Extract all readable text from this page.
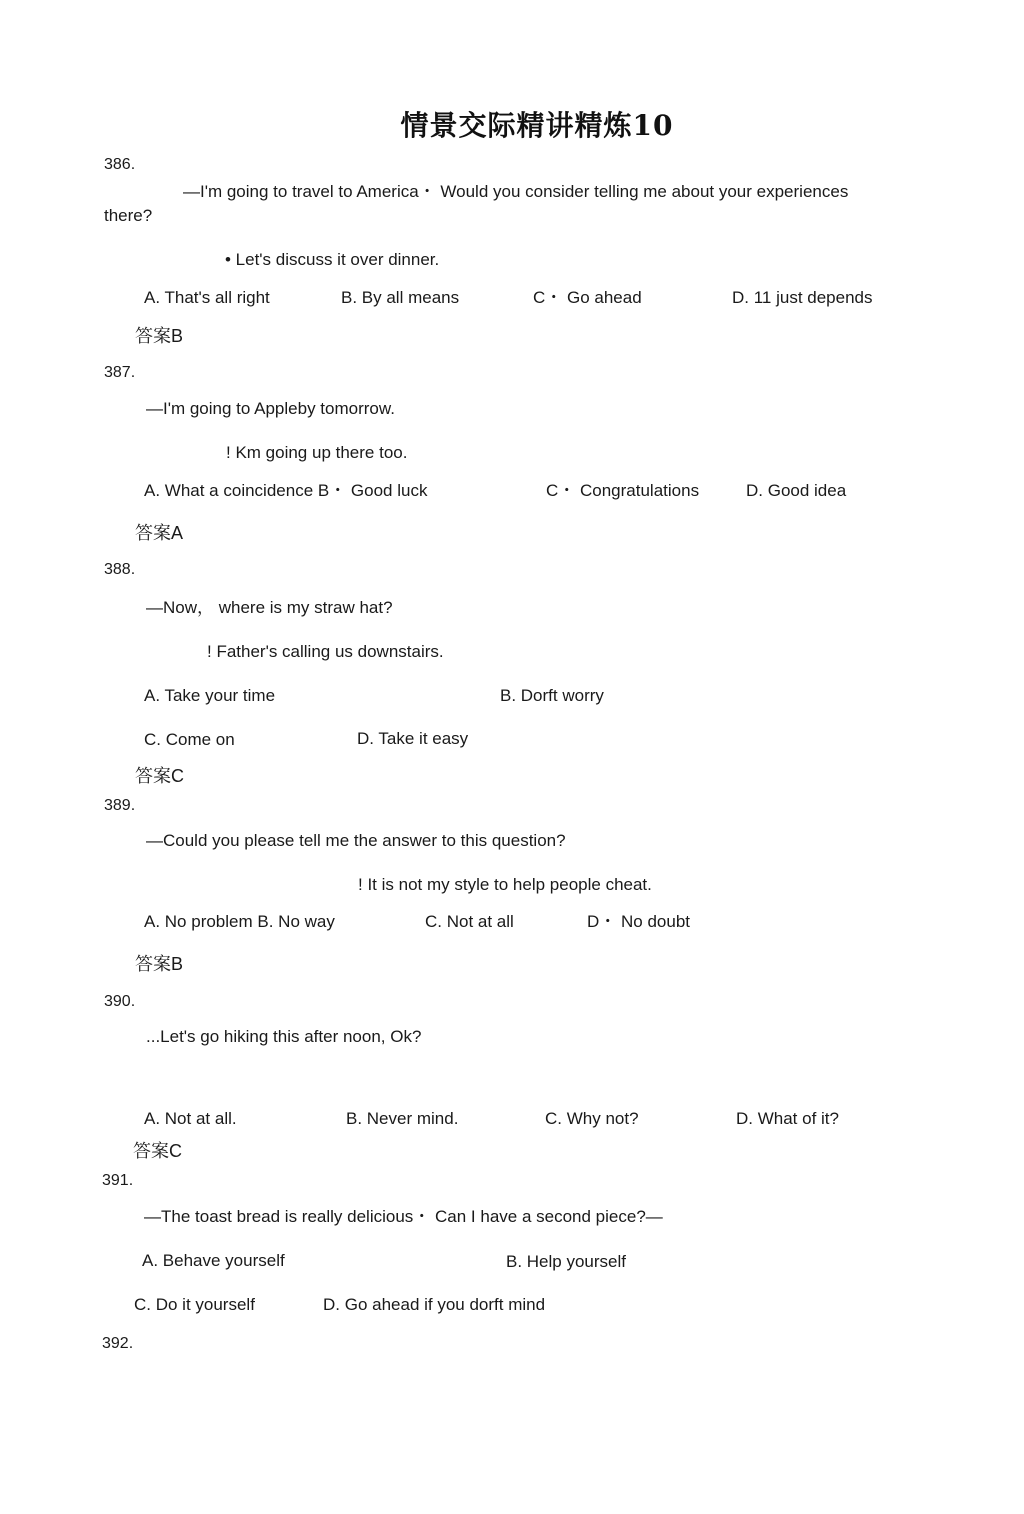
情景交际精讲精炼10
386.
—I'm going to travel to America・ Would you consider telling me about your experiences
there?
• Let's discuss it over dinner.
A. That's all right	B. By all means	C・ Go ahead	D. 11 just depends
答案B
387.
—I'm going to Appleby tomorrow.
! Km going up there too.
A. What a coincidence B・ Good luck	C・ Congratulations	D. Good idea
答案A
388.
—Now， where is my straw hat?
! Father's calling us downstairs.
A. Take your time	B. Dorft worry
C. Come on	D. Take it easy
答案C
389.
—Could you please tell me the answer to this question?
! It is not my style to help people cheat.
A. No problem B. No way	C. Not at all	D・ No doubt
答案B
390.
...Let's go hiking this after noon, Ok?
A. Not at all.	B. Never mind.	C. Why not?	D. What of it?
答案C
391.
—The toast bread is really delicious・ Can I have a second piece?—
A. Behave yourself	B. Help yourself
C. Do it yourself	D. Go ahead if you dorft mind
392.
